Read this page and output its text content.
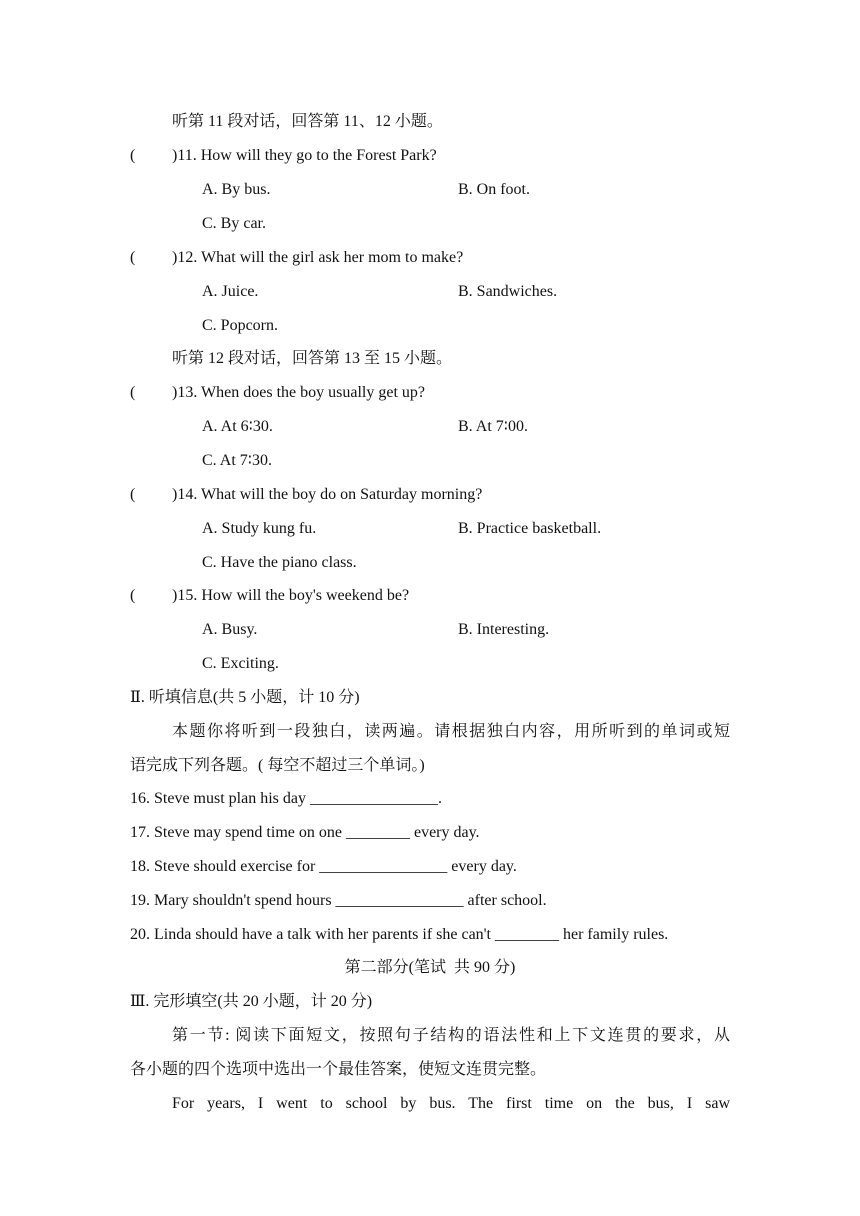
听第 11 段对话，回答第 11、12 小题。
( )11. How will they go to the Forest Park?
A. By bus.	B. On foot.
C. By car.
( )12. What will the girl ask her mom to make?
A. Juice.	B. Sandwiches.
C. Popcorn.
听第 12 段对话，回答第 13 至 15 小题。
( )13. When does the boy usually get up?
A. At 6∶30.	B. At 7∶00.
C. At 7∶30.
( )14. What will the boy do on Saturday morning?
A. Study kung fu.	B. Practice basketball.
C. Have the piano class.
( )15. How will the boy's weekend be?
A. Busy.	B. Interesting.
C. Exciting.
Ⅱ. 听填信息(共 5 小题，计 10 分)
本题你将听到一段独白，读两遍。请根据独白内容，用所听到的单词或短
语完成下列各题。( 每空不超过三个单词。)
16. Steve must plan his day ________________.
17. Steve may spend time on one ________ every day.
18. Steve should exercise for ________________ every day.
19. Mary shouldn't spend hours ________________ after school.
20. Linda should have a talk with her parents if she can't ________ her family rules.
第二部分(笔试  共 90 分)
Ⅲ. 完形填空(共 20 小题，计 20 分)
第一节: 阅读下面短文，按照句子结构的语法性和上下文连贯的要求，从
各小题的四个选项中选出一个最佳答案，使短文连贯完整。
For years, I went to school by bus. The first time on the bus, I saw
